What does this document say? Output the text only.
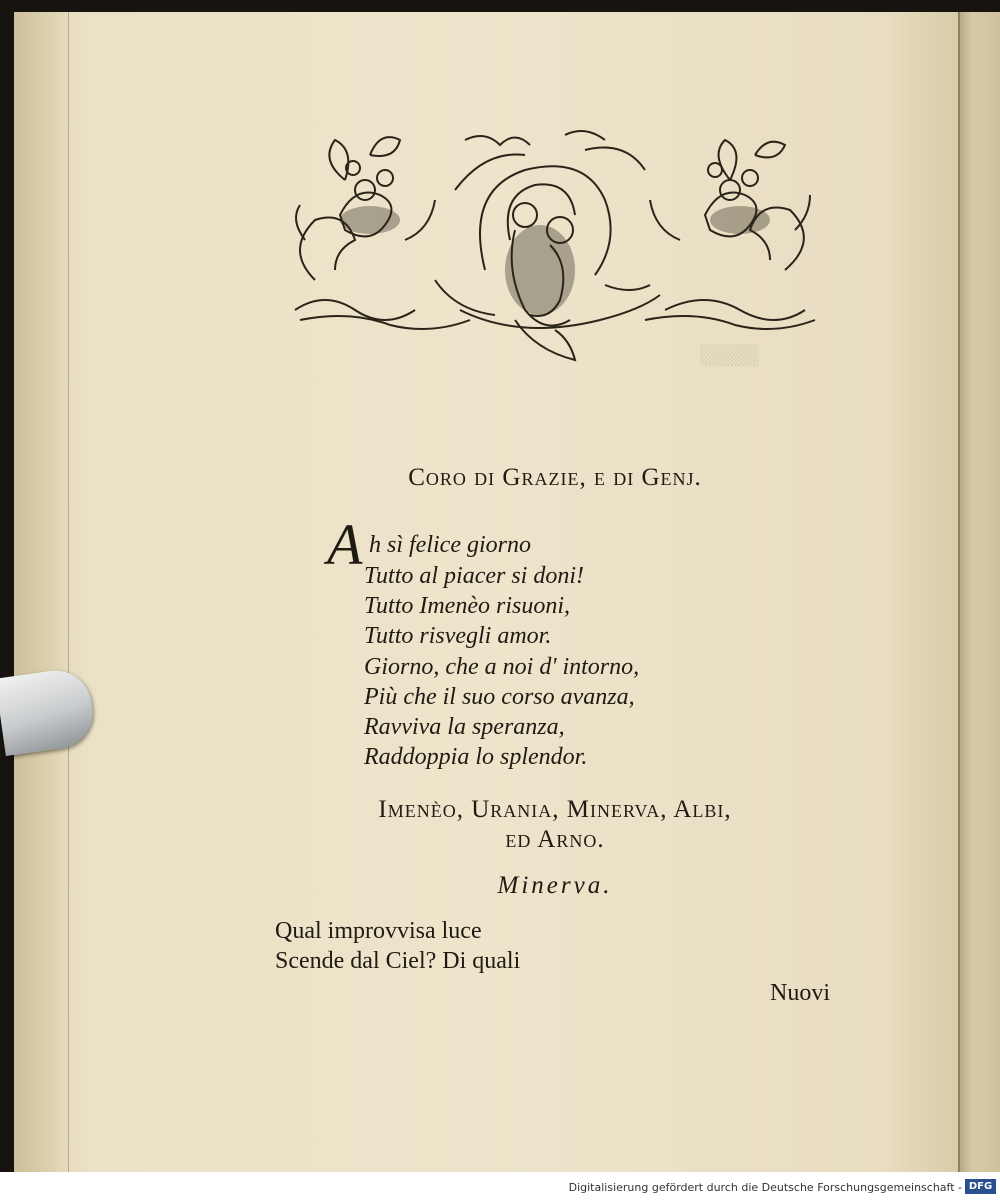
▒▒▒▒
Coro di Grazie, e di Genj.
A h sì felice giorno
Tutto al piacer si doni!
Tutto Imenèo risuoni,
Tutto risvegli amor.
Giorno, che a noi d' intorno,
Più che il suo corso avanza,
Ravviva la speranza,
Raddoppia lo splendor.
Imenèo, Urania, Minerva, Albi,
ed Arno.
Minerva.
Qual improvvisa luce
Scende dal Ciel? Di quali
Nuovi
Digitalisierung gefördert durch die Deutsche Forschungsgemeinschaft - DFG
